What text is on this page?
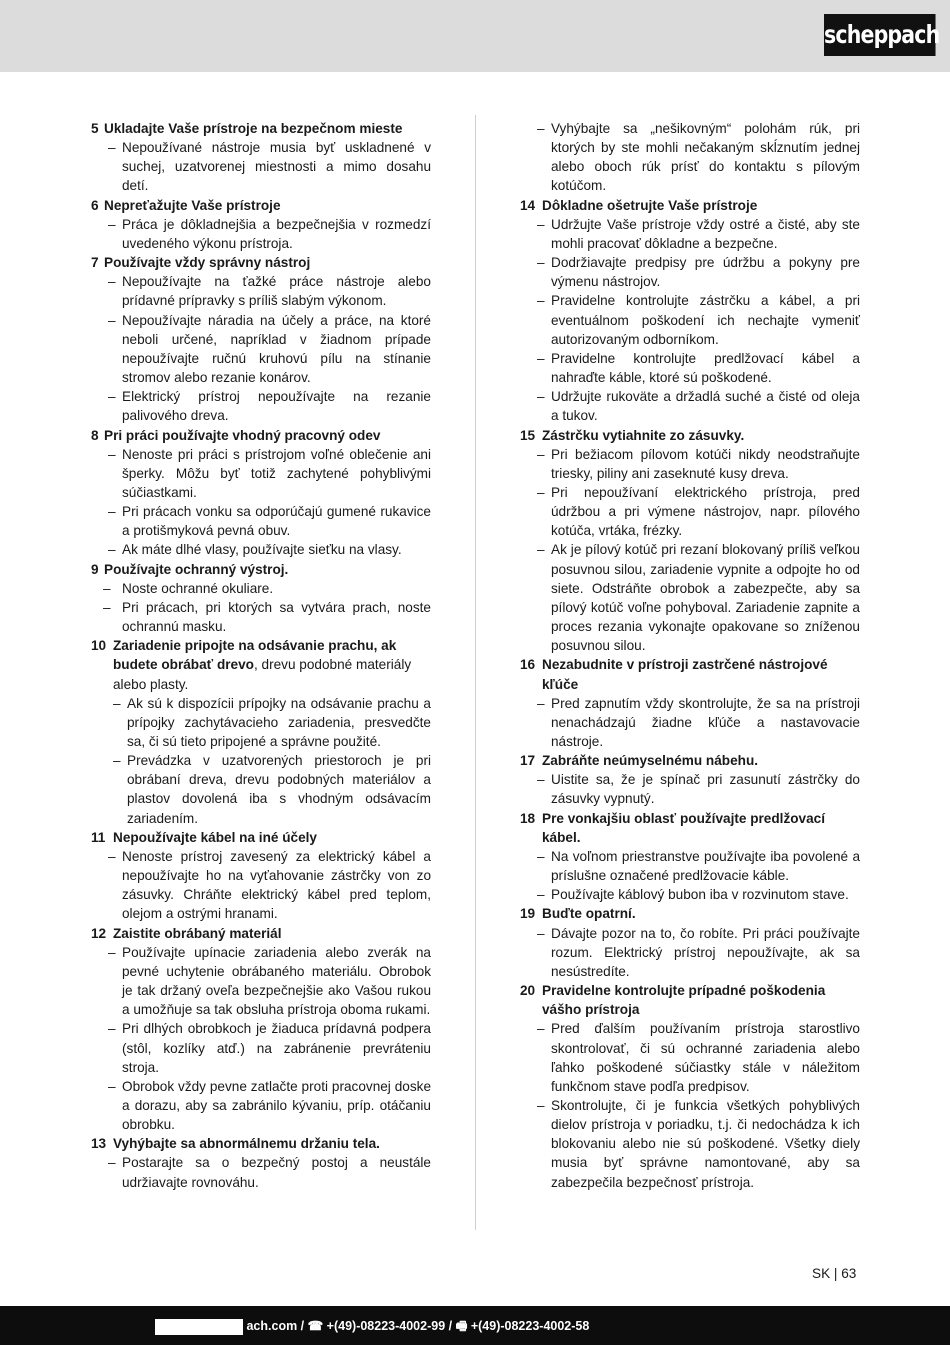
scheppach
5 Ukladajte Vaše prístroje na bezpečnom mieste
– Nepoužívané nástroje musia byť uskladnené v suchej, uzatvorenej miestnosti a mimo dosahu detí.
6 Nepreťažujte Vaše prístroje
– Práca je dôkladnejšia a bezpečnejšia v rozmedzí uvedeného výkonu prístroja.
7 Používajte vždy správny nástroj
– Nepoužívajte na ťažké práce nástroje alebo prídavné prípravky s príliš slabým výkonom.
– Nepoužívajte náradia na účely a práce, na ktoré neboli určené, napríklad v žiadnom prípade nepoužívajte ručnú kruhovú pílu na stínanie stromov alebo rezanie konárov.
– Elektrický prístroj nepoužívajte na rezanie palivového dreva.
8 Pri práci používajte vhodný pracovný odev
– Nenoste pri práci s prístrojom voľné oblečenie ani šperky. Môžu byť totiž zachytené pohyblivými súčiastkami.
– Pri prácach vonku sa odporúčajú gumené rukavice a protišmyková pevná obuv.
– Ak máte dlhé vlasy, používajte sieťku na vlasy.
9 Používajte ochranný výstroj.
– Noste ochranné okuliare.
– Pri prácach, pri ktorých sa vytvára prach, noste ochrannú masku.
10 Zariadenie pripojte na odsávanie prachu, ak budete obrábať drevo, drevu podobné materiály alebo plasty.
– Ak sú k dispozícii prípojky na odsávanie prachu a prípojky zachytávacieho zariadenia, presvedčte sa, či sú tieto pripojené a správne použité.
– Prevádzka v uzatvorených priestoroch je pri obrábaní dreva, drevu podobných materiálov a plastov dovolená iba s vhodným odsávacím zariadením.
11 Nepoužívajte kábel na iné účely
– Nenoste prístroj zavesený za elektrický kábel a nepoužívajte ho na vyťahovanie zástrčky von zo zásuvky. Chráňte elektrický kábel pred teplom, olejom a ostrými hranami.
12 Zaistite obrábaný materiál
– Používajte upínacie zariadenia alebo zverák na pevné uchytenie obrábaného materiálu. Obrobok je tak držaný oveľa bezpečnejšie ako Vašou rukou a umožňuje sa tak obsluha prístroja oboma rukami.
– Pri dlhých obrobkoch je žiaduca prídavná podpera (stôl, kozlíky atď.) na zabránenie prevráteniu stroja.
– Obrobok vždy pevne zatlačte proti pracovnej doske a dorazu, aby sa zabránilo kývaniu, príp. otáčaniu obrobku.
13 Vyhýbajte sa abnormálnemu držaniu tela.
– Postarajte sa o bezpečný postoj a neustále udržiavajte rovnováhu.
– Vyhýbajte sa „nešikovným“ polohám rúk, pri ktorých by ste mohli nečakaným skĺznutím jednej alebo oboch rúk prísť do kontaktu s pílovým kotúčom.
14 Dôkladne ošetrujte Vaše prístroje
– Udržujte Vaše prístroje vždy ostré a čisté, aby ste mohli pracovať dôkladne a bezpečne.
– Dodržiavajte predpisy pre údržbu a pokyny pre výmenu nástrojov.
– Pravidelne kontrolujte zástrčku a kábel, a pri eventuálnom poškodení ich nechajte vymeniť autorizovaným odborníkom.
– Pravidelne kontrolujte predlžovací kábel a nahraďte káble, ktoré sú poškodené.
– Udržujte rukoväte a držadlá suché a čisté od oleja a tukov.
15 Zástrčku vytiahnite zo zásuvky.
– Pri bežiacom pílovom kotúči nikdy neodstraňujte triesky, piliny ani zaseknuté kusy dreva.
– Pri nepoužívaní elektrického prístroja, pred údržbou a pri výmene nástrojov, napr. pílového kotúča, vrtáka, frézky.
– Ak je pílový kotúč pri rezaní blokovaný príliš veľkou posuvnou silou, zariadenie vypnite a odpojte ho od siete. Odstráňte obrobok a zabezpečte, aby sa pílový kotúč voľne pohyboval. Zariadenie zapnite a proces rezania vykonajte opakovane so zníženou posuvnou silou.
16 Nezabudnite v prístroji zastrčené nástrojové kľúče
– Pred zapnutím vždy skontrolujte, že sa na prístroji nenachádzajú žiadne kľúče a nastavovacie nástroje.
17 Zabráňte neúmyselnému nábehu.
– Uistite sa, že je spínač pri zasunutí zástrčky do zásuvky vypnutý.
18 Pre vonkajšiu oblasť používajte predlžovací kábel.
– Na voľnom priestranstve používajte iba povolené a príslušne označené predlžovacie káble.
– Používajte káblový bubon iba v rozvinutom stave.
19 Buďte opatrní.
– Dávajte pozor na to, čo robíte. Pri práci používajte rozum. Elektrický prístroj nepoužívajte, ak sa nesústredíte.
20 Pravidelne kontrolujte prípadné poškodenia vášho prístroja
– Pred ďalším používaním prístroja starostlivo skontrolovať, či sú ochranné zariadenia alebo ľahko poškodené súčiastky stále v náležitom funkčnom stave podľa predpisov.
– Skontrolujte, či je funkcia všetkých pohyblivých dielov prístroja v poriadku, t.j. či nedochádza k ich blokovaniu alebo nie sú poškodené. Všetky diely musia byť správne namontované, aby sa zabezpečila bezpečnosť prístroja.
SK | 63
ach.com / ☎ +(49)-08223-4002-99 / 🖷 +(49)-08223-4002-58
